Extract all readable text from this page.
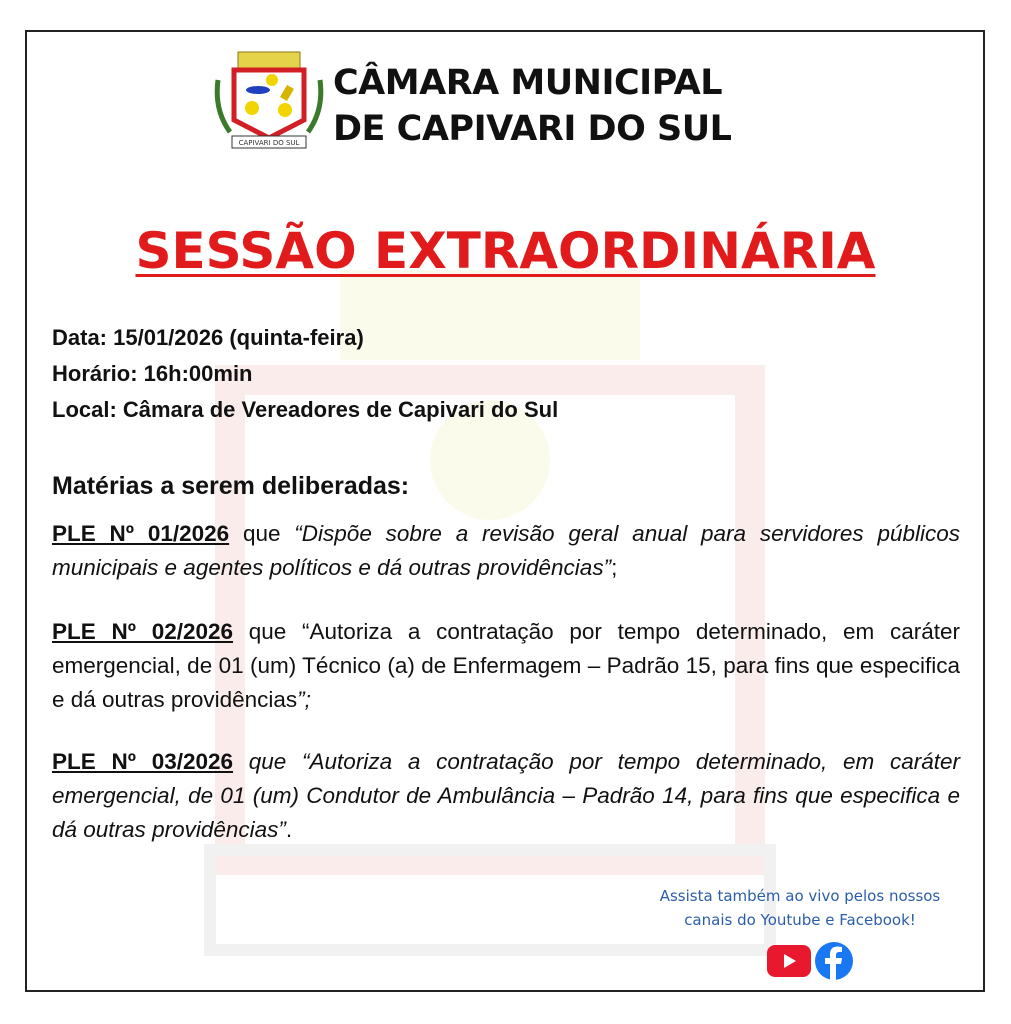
CAPIVARI DO SUL
CÂMARA MUNICIPAL
DE CAPIVARI DO SUL
SESSÃO EXTRAORDINÁRIA
Data: 15/01/2026 (quinta-feira)
Horário: 16h:00min
Local: Câmara de Vereadores de Capivari do Sul
Matérias a serem deliberadas:
PLE Nº 01/2026 que “Dispõe sobre a revisão geral anual para servidores públicos municipais e agentes políticos e dá outras providências”;
PLE Nº 02/2026 que “Autoriza a contratação por tempo determinado, em caráter emergencial, de 01 (um) Técnico (a) de Enfermagem – Padrão 15, para fins que especifica e dá outras providências”;
PLE Nº 03/2026 que “Autoriza a contratação por tempo determinado, em caráter emergencial, de 01 (um) Condutor de Ambulância – Padrão 14, para fins que especifica e dá outras providências”.
Assista também ao vivo pelos nossos
canais do Youtube e Facebook!
